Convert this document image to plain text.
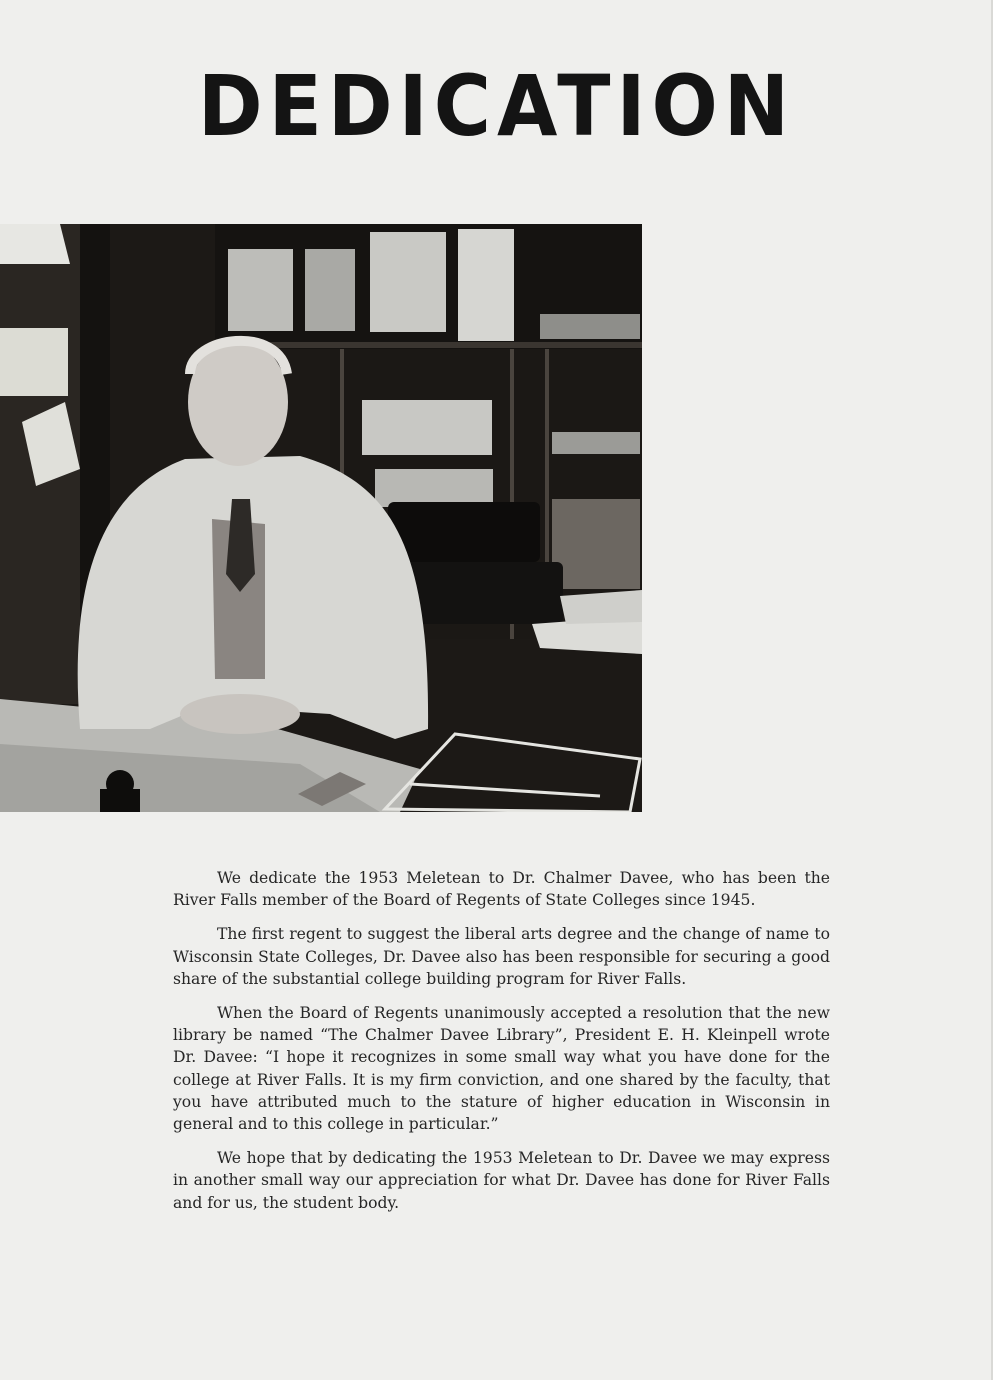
DEDICATION

We dedicate the 1953 Meletean to Dr. Chalmer Davee, who has been the River Falls member of the Board of Regents of State Colleges since 1945.

The first regent to suggest the liberal arts degree and the change of name to Wisconsin State Colleges, Dr. Davee also has been responsible for securing a good share of the substantial college building program for River Falls.

When the Board of Regents unanimously accepted a resolution that the new library be named “The Chalmer Davee Library”, President E. H. Kleinpell wrote Dr. Davee: “I hope it recognizes in some small way what you have done for the college at River Falls. It is my firm conviction, and one shared by the faculty, that you have attributed much to the stature of higher education in Wisconsin in general and to this college in particular.”

We hope that by dedicating the 1953 Meletean to Dr. Davee we may express in another small way our appreciation for what Dr. Davee has done for River Falls and for us, the student body.
